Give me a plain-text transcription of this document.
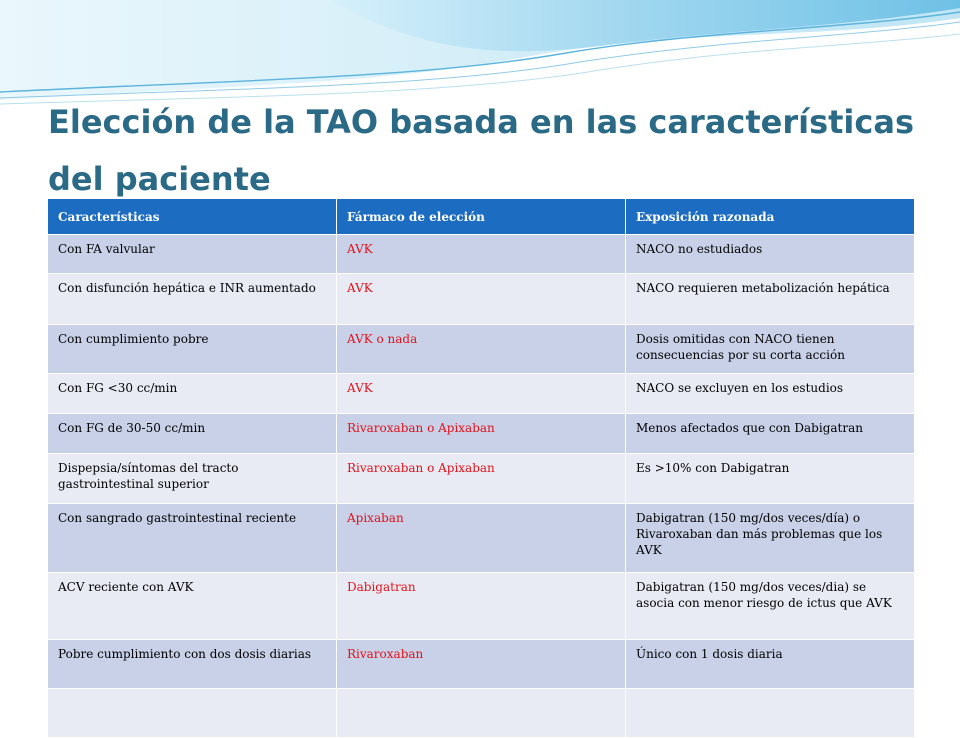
Elección de la TAO basada en las características del paciente
Características	Fármaco de elección	Exposición razonada
Con FA valvular	AVK	NACO no estudiados
Con disfunción hepática e INR aumentado	AVK	NACO requieren metabolización hepática
Con cumplimiento pobre	AVK o nada	Dosis omitidas con NACO tienen consecuencias por su corta acción
Con FG <30 cc/min	AVK	NACO se excluyen en los estudios
Con FG de 30-50 cc/min	Rivaroxaban o Apixaban	Menos afectados que con Dabigatran
Dispepsia/síntomas del tracto gastrointestinal superior	Rivaroxaban o Apixaban	Es >10% con Dabigatran
Con sangrado gastrointestinal reciente	Apixaban	Dabigatran (150 mg/dos veces/día) o Rivaroxaban dan más problemas que los AVK
ACV reciente con AVK	Dabigatran	Dabigatran (150 mg/dos veces/dia) se asocia con menor riesgo de ictus que AVK
Pobre cumplimiento con dos dosis diarias	Rivaroxaban	Único con 1 dosis diaria
